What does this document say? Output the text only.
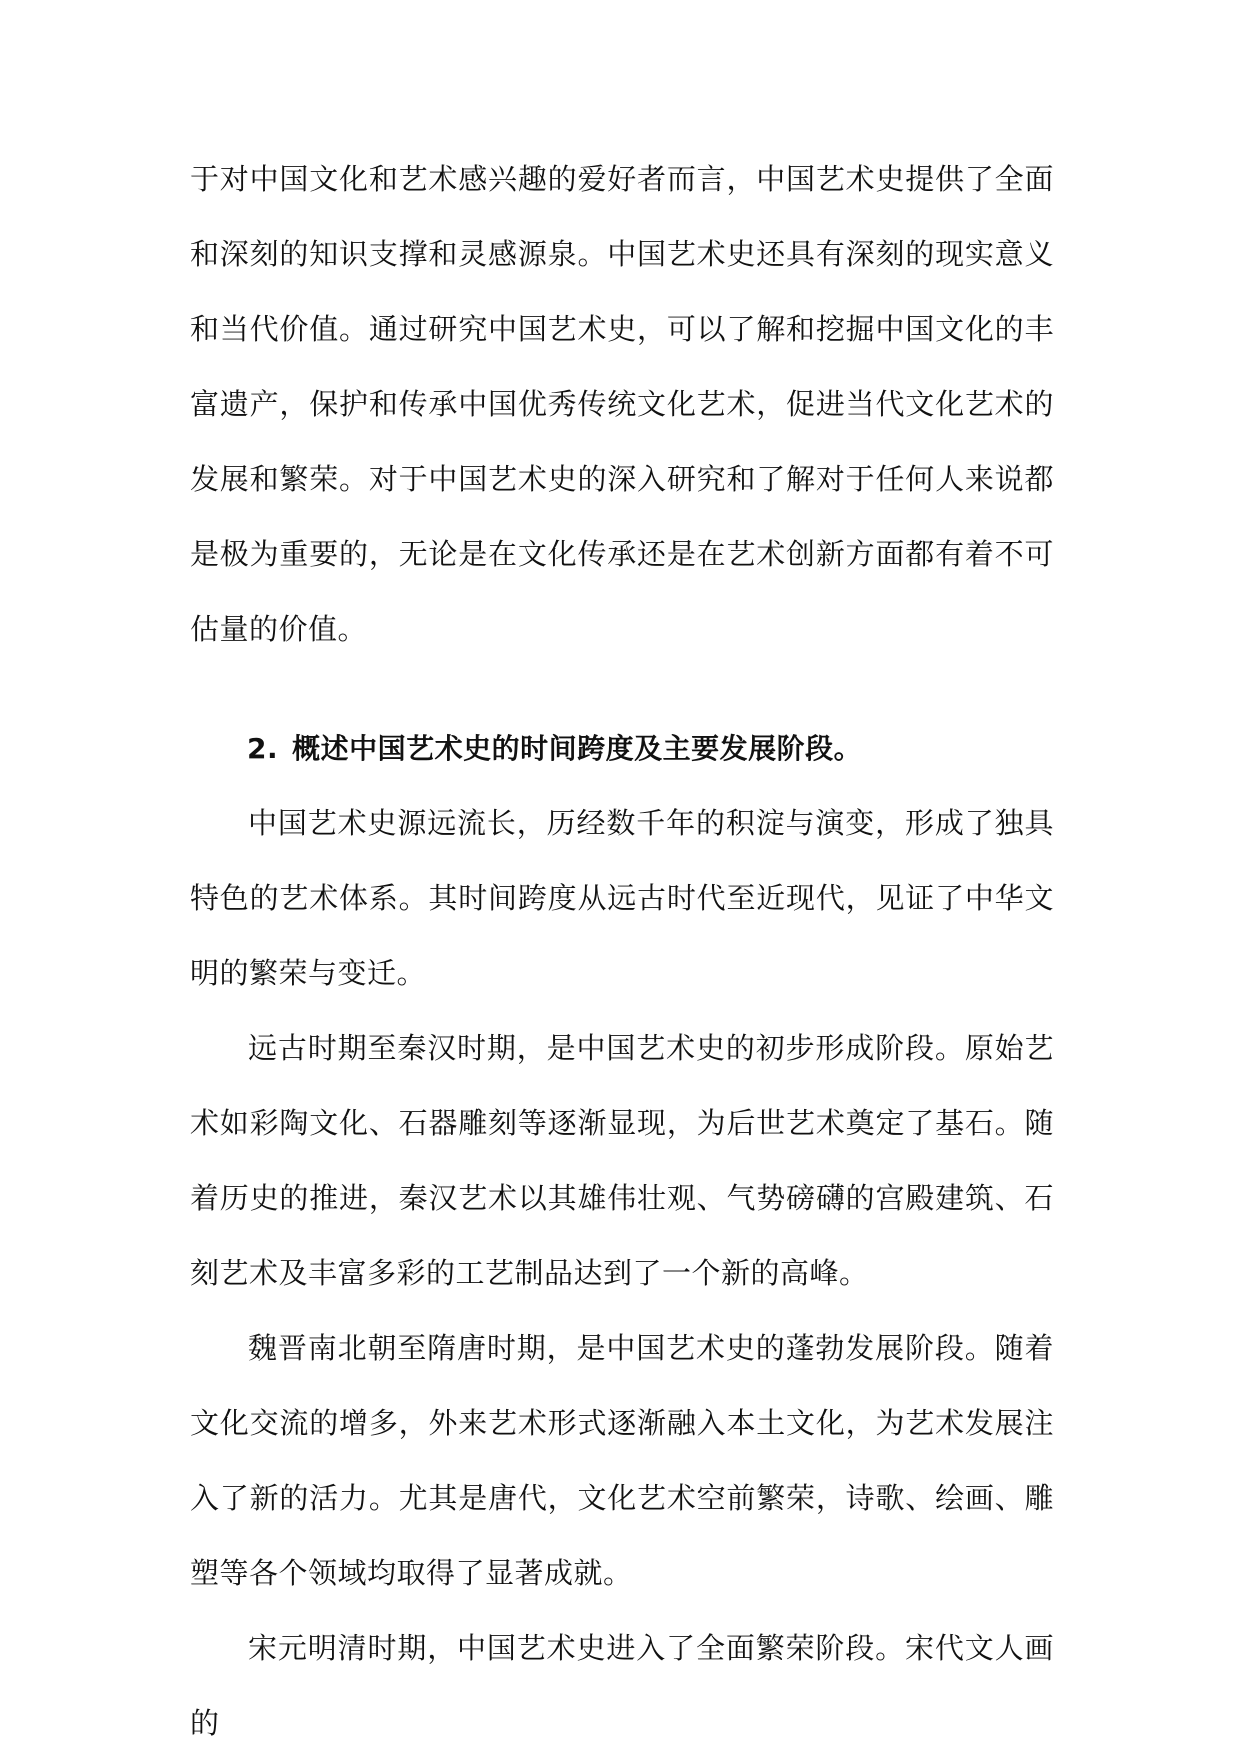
于对中国文化和艺术感兴趣的爱好者而言，中国艺术史提供了全面和深刻的知识支撑和灵感源泉。中国艺术史还具有深刻的现实意义和当代价值。通过研究中国艺术史，可以了解和挖掘中国文化的丰富遗产，保护和传承中国优秀传统文化艺术，促进当代文化艺术的发展和繁荣。对于中国艺术史的深入研究和了解对于任何人来说都是极为重要的，无论是在文化传承还是在艺术创新方面都有着不可估量的价值。

2. 概述中国艺术史的时间跨度及主要发展阶段。

中国艺术史源远流长，历经数千年的积淀与演变，形成了独具特色的艺术体系。其时间跨度从远古时代至近现代，见证了中华文明的繁荣与变迁。

远古时期至秦汉时期，是中国艺术史的初步形成阶段。原始艺术如彩陶文化、石器雕刻等逐渐显现，为后世艺术奠定了基石。随着历史的推进，秦汉艺术以其雄伟壮观、气势磅礴的宫殿建筑、石刻艺术及丰富多彩的工艺制品达到了一个新的高峰。

魏晋南北朝至隋唐时期，是中国艺术史的蓬勃发展阶段。随着文化交流的增多，外来艺术形式逐渐融入本土文化，为艺术发展注入了新的活力。尤其是唐代，文化艺术空前繁荣，诗歌、绘画、雕塑等各个领域均取得了显著成就。

宋元明清时期，中国艺术史进入了全面繁荣阶段。宋代文人画的
